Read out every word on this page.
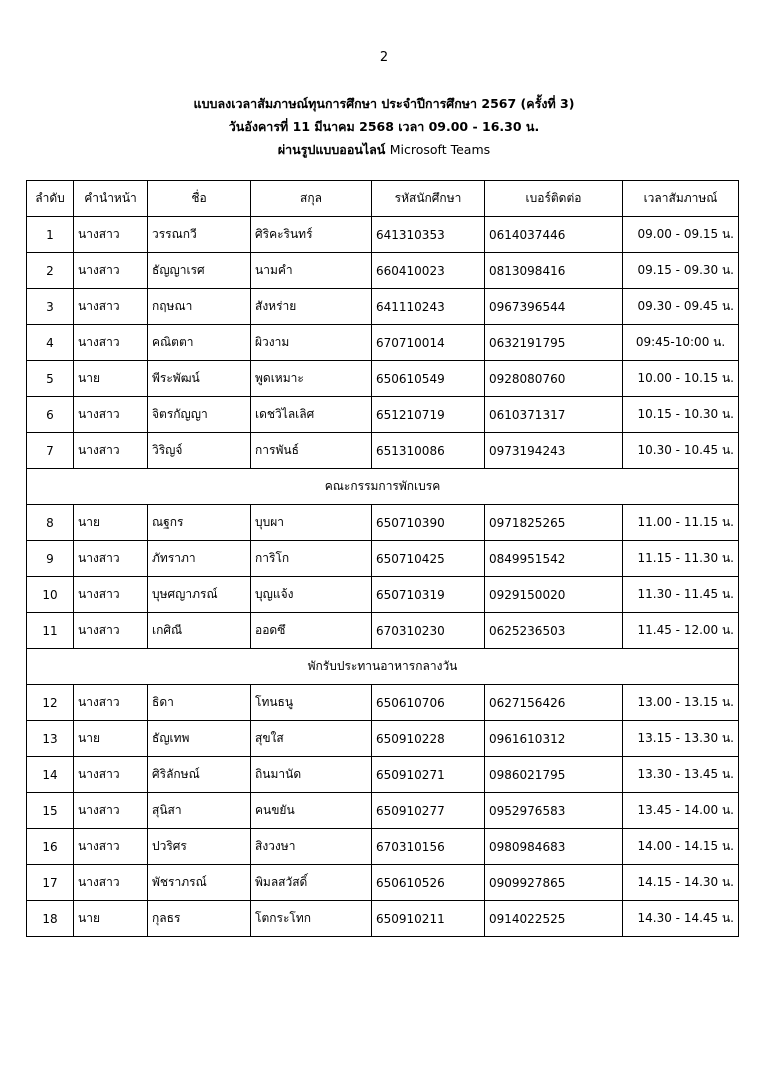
2
แบบลงเวลาสัมภาษณ์ทุนการศึกษา ประจำปีการศึกษา 2567 (ครั้งที่ 3)
วันอังคารที่ 11 มีนาคม 2568 เวลา 09.00 - 16.30 น.
ผ่านรูปแบบออนไลน์ Microsoft Teams
ลำดับ	คำนำหน้า	ชื่อ	สกุล	รหัสนักศึกษา	เบอร์ติดต่อ	เวลาสัมภาษณ์
1	นางสาว	วรรณกวี	ศิริคะรินทร์	641310353	0614037446	09.00 - 09.15 น.
2	นางสาว	ธัญญาเรศ	นามคำ	660410023	0813098416	09.15 - 09.30 น.
3	นางสาว	กฤษณา	สังหร่าย	641110243	0967396544	09.30 - 09.45 น.
4	นางสาว	คณิตตา	ผิวงาม	670710014	0632191795	09:45-10:00 น.
5	นาย	พีระพัฒน์	พูดเหมาะ	650610549	0928080760	10.00 - 10.15 น.
6	นางสาว	จิตรกัญญา	เดชวิไลเลิศ	651210719	0610371317	10.15 - 10.30 น.
7	นางสาว	วิริญจ์	การพันธ์	651310086	0973194243	10.30 - 10.45 น.
คณะกรรมการพักเบรค						
8	นาย	ณฐกร	บุบผา	650710390	0971825265	11.00 - 11.15 น.
9	นางสาว	ภัทราภา	การิโก	650710425	0849951542	11.15 - 11.30 น.
10	นางสาว	บุษศญาภรณ์	บุญแจ้ง	650710319	0929150020	11.30 - 11.45 น.
11	นางสาว	เกศิณี	ออดซึ	670310230	0625236503	11.45 - 12.00 น.
พักรับประทานอาหารกลางวัน						
12	นางสาว	ธิดา	โทนธนู	650610706	0627156426	13.00 - 13.15 น.
13	นาย	ธัญเทพ	สุขใส	650910228	0961610312	13.15 - 13.30 น.
14	นางสาว	ศิริลักษณ์	ถินมานัด	650910271	0986021795	13.30 - 13.45 น.
15	นางสาว	สุนิสา	คนขยัน	650910277	0952976583	13.45 - 14.00 น.
16	นางสาว	ปวริศร	สิงวงษา	670310156	0980984683	14.00 - 14.15 น.
17	นางสาว	พัชราภรณ์	พิมลสวัสดิ์	650610526	0909927865	14.15 - 14.30 น.
18	นาย	กุลธร	โตกระโทก	650910211	0914022525	14.30 - 14.45 น.
